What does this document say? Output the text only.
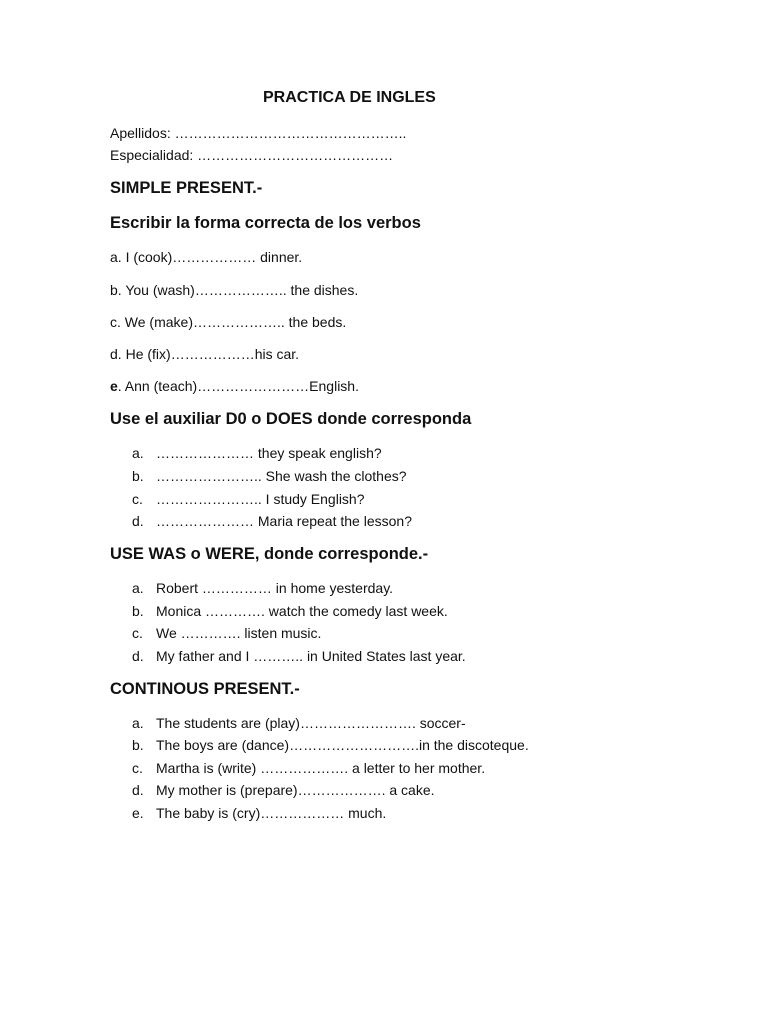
PRACTICA DE INGLES
Apellidos: …………………………………………..
Especialidad: ……………………………………
SIMPLE PRESENT.-
Escribir la forma correcta de los verbos
a. I (cook)……………… dinner.
b. You (wash)……………….. the dishes.
c. We (make)……………….. the beds.
d. He (fix)………………his car.
e. Ann (teach)……………………English.
Use el auxiliar D0 o DOES donde corresponda
a. ………………… they speak english?
b. ………………….. She wash the clothes?
c. ………………….. I study English?
d. ………………… Maria repeat the lesson?
USE WAS o WERE, donde corresponde.-
a. Robert …………… in home yesterday.
b. Monica …………. watch the comedy last week.
c. We …………. listen music.
d. My father and I ……….. in United States last year.
CONTINOUS PRESENT.-
a. The students are (play)……………………. soccer-
b. The boys are (dance)……………………….in the discoteque.
c. Martha is (write) ………………. a letter to her mother.
d. My mother is (prepare)………………. a cake.
e. The baby is (cry)……………… much.
